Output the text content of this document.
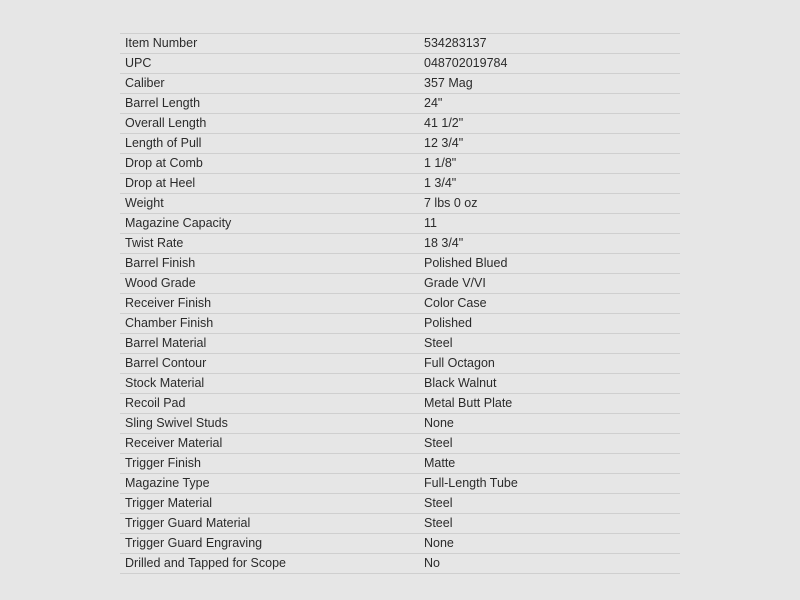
Item Number	534283137
UPC	048702019784
Caliber	357 Mag
Barrel Length	24"
Overall Length	41 1/2"
Length of Pull	12 3/4"
Drop at Comb	1 1/8"
Drop at Heel	1 3/4"
Weight	7 lbs 0 oz
Magazine Capacity	11
Twist Rate	18 3/4"
Barrel Finish	Polished Blued
Wood Grade	Grade V/VI
Receiver Finish	Color Case
Chamber Finish	Polished
Barrel Material	Steel
Barrel Contour	Full Octagon
Stock Material	Black Walnut
Recoil Pad	Metal Butt Plate
Sling Swivel Studs	None
Receiver Material	Steel
Trigger Finish	Matte
Magazine Type	Full-Length Tube
Trigger Material	Steel
Trigger Guard Material	Steel
Trigger Guard Engraving	None
Drilled and Tapped for Scope	No
